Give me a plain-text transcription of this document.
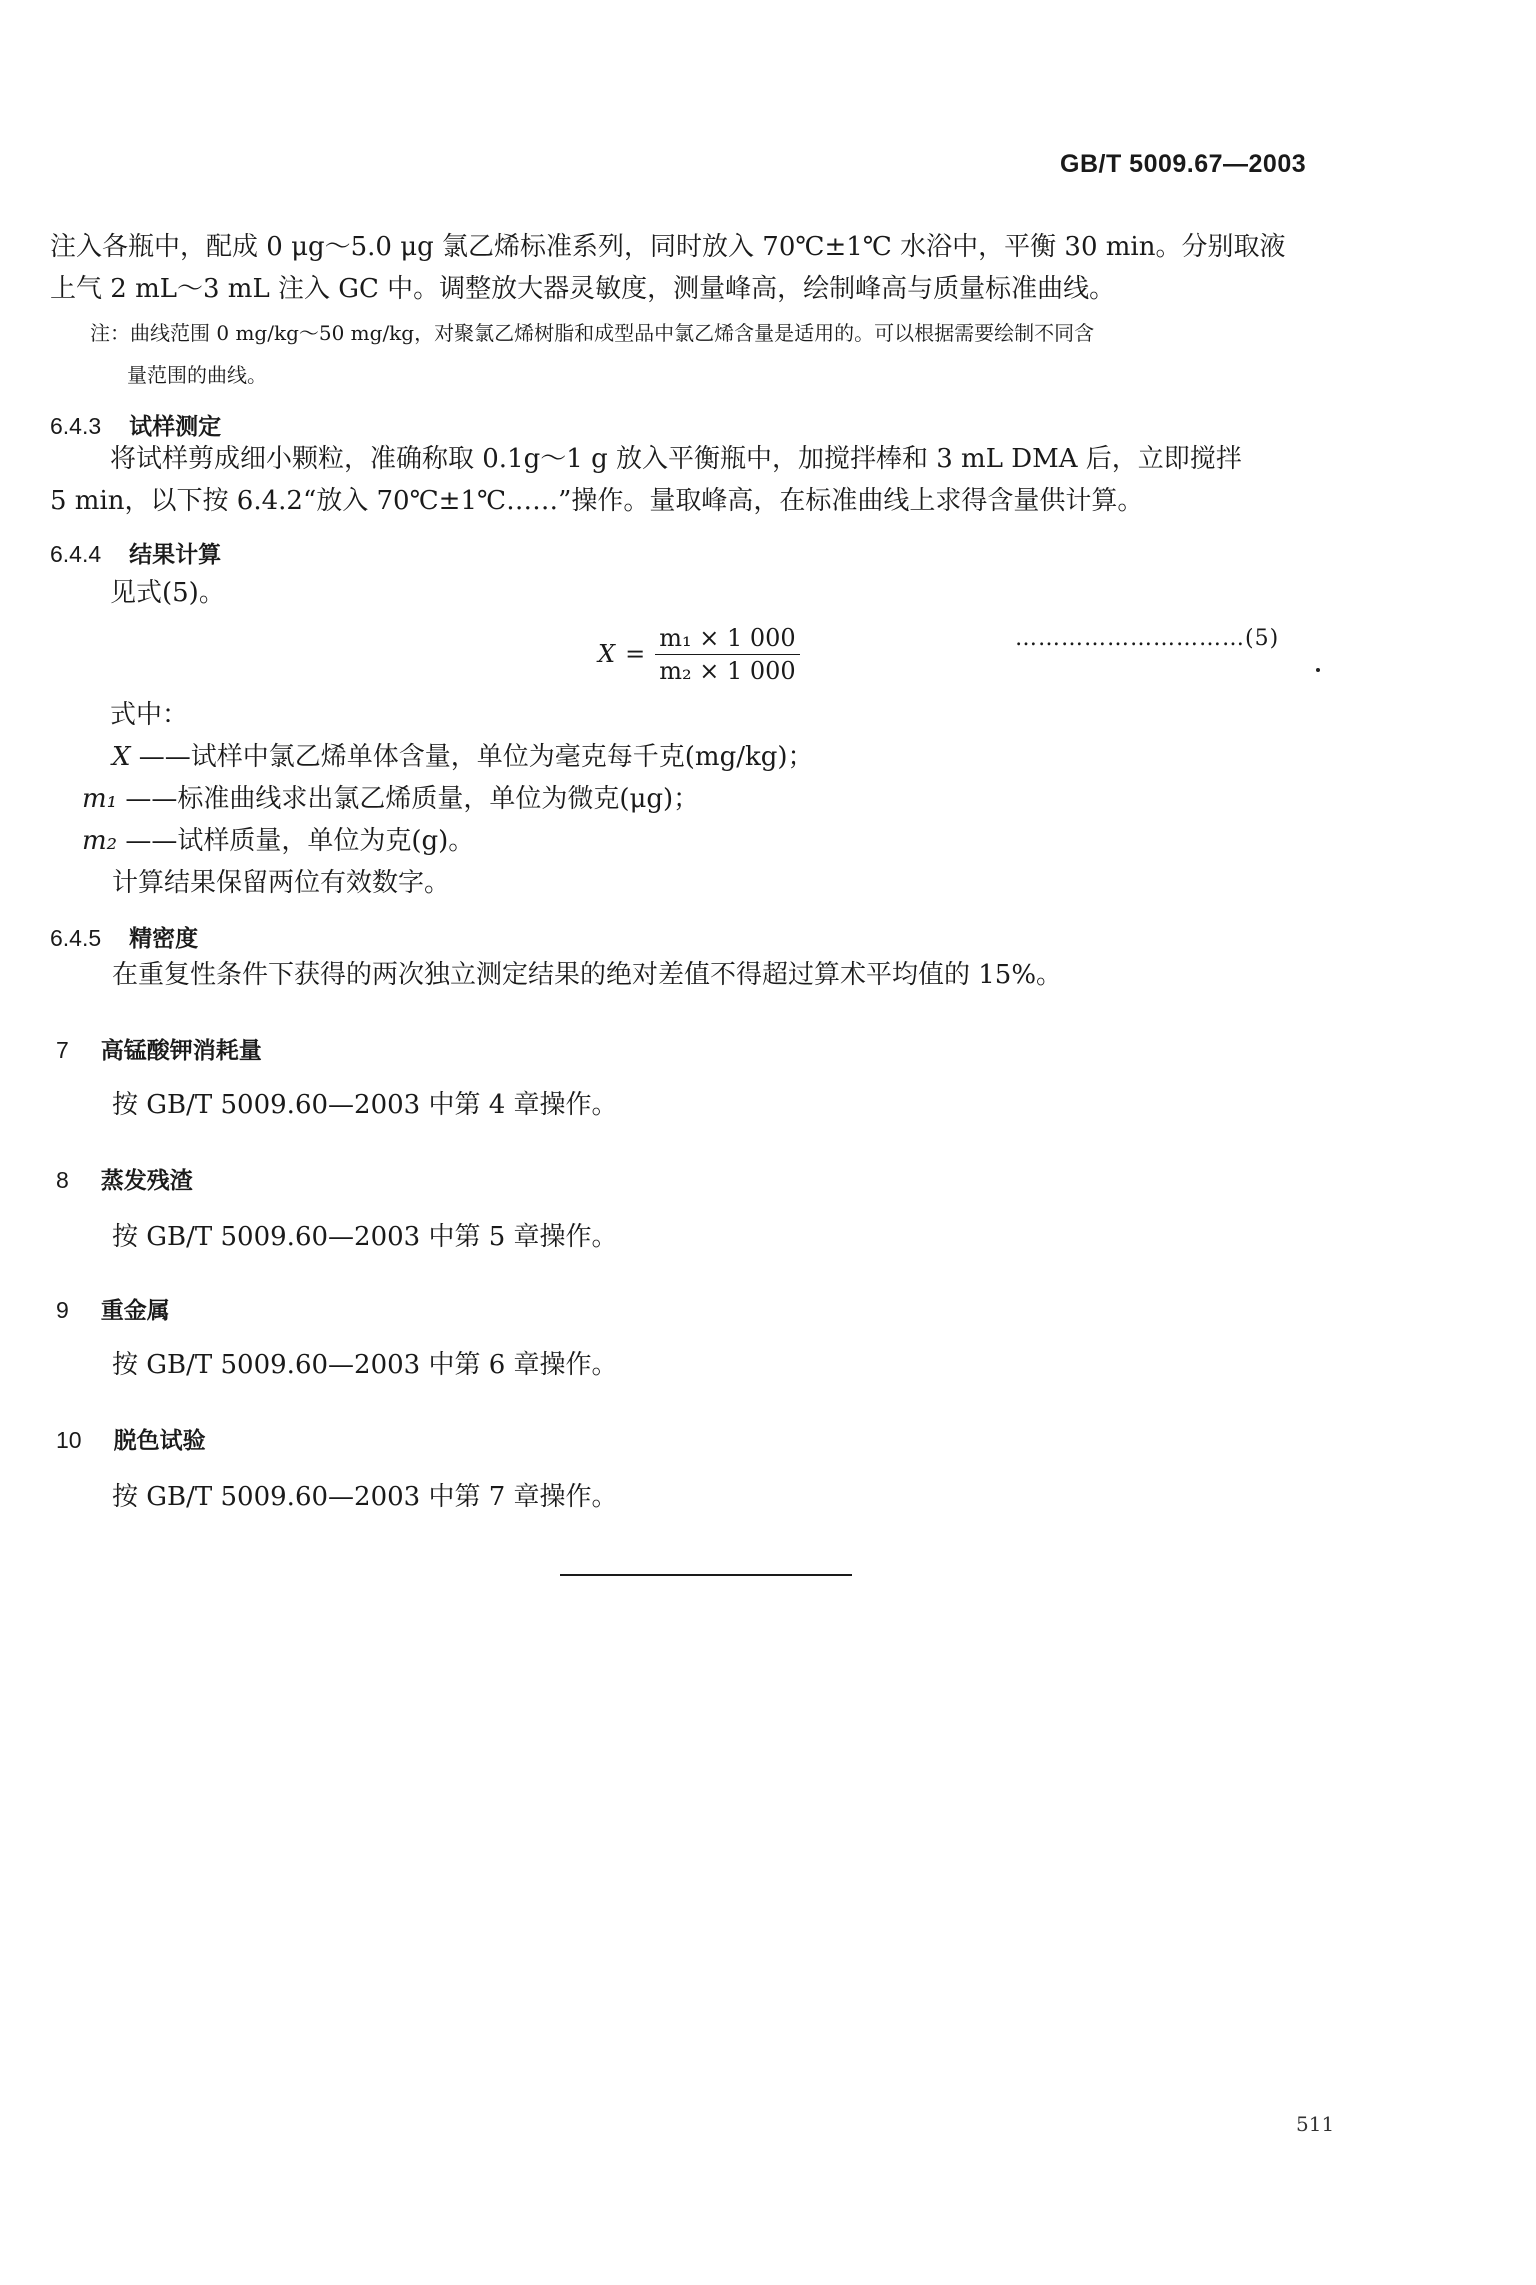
GB/T 5009.67—2003
注入各瓶中，配成 0 μg～5.0 μg 氯乙烯标准系列，同时放入 70℃±1℃ 水浴中，平衡 30 min。分别取液
上气 2 mL～3 mL 注入 GC 中。调整放大器灵敏度，测量峰高，绘制峰高与质量标准曲线。
注：曲线范围 0 mg/kg～50 mg/kg，对聚氯乙烯树脂和成型品中氯乙烯含量是适用的。可以根据需要绘制不同含
量范围的曲线。
6.4.3 试样测定
将试样剪成细小颗粒，准确称取 0.1g～1 g 放入平衡瓶中，加搅拌棒和 3 mL DMA 后，立即搅拌
5 min，以下按 6.4.2“放入 70℃±1℃……”操作。量取峰高，在标准曲线上求得含量供计算。
6.4.4 结果计算
见式(5)。
$X = \frac{\text{m₁ × 1 000}}{\text{m₂ × 1 000}}$	…………………………(5)
式中：
X ——试样中氯乙烯单体含量，单位为毫克每千克(mg/kg)；
m₁ ——标准曲线求出氯乙烯质量，单位为微克(μg)；
m₂ ——试样质量，单位为克(g)。
计算结果保留两位有效数字。
6.4.5 精密度
在重复性条件下获得的两次独立测定结果的绝对差值不得超过算术平均值的 15%。
7 高锰酸钾消耗量
按 GB/T 5009.60—2003 中第 4 章操作。
8 蒸发残渣
按 GB/T 5009.60—2003 中第 5 章操作。
9 重金属
按 GB/T 5009.60—2003 中第 6 章操作。
10 脱色试验
按 GB/T 5009.60—2003 中第 7 章操作。
511
